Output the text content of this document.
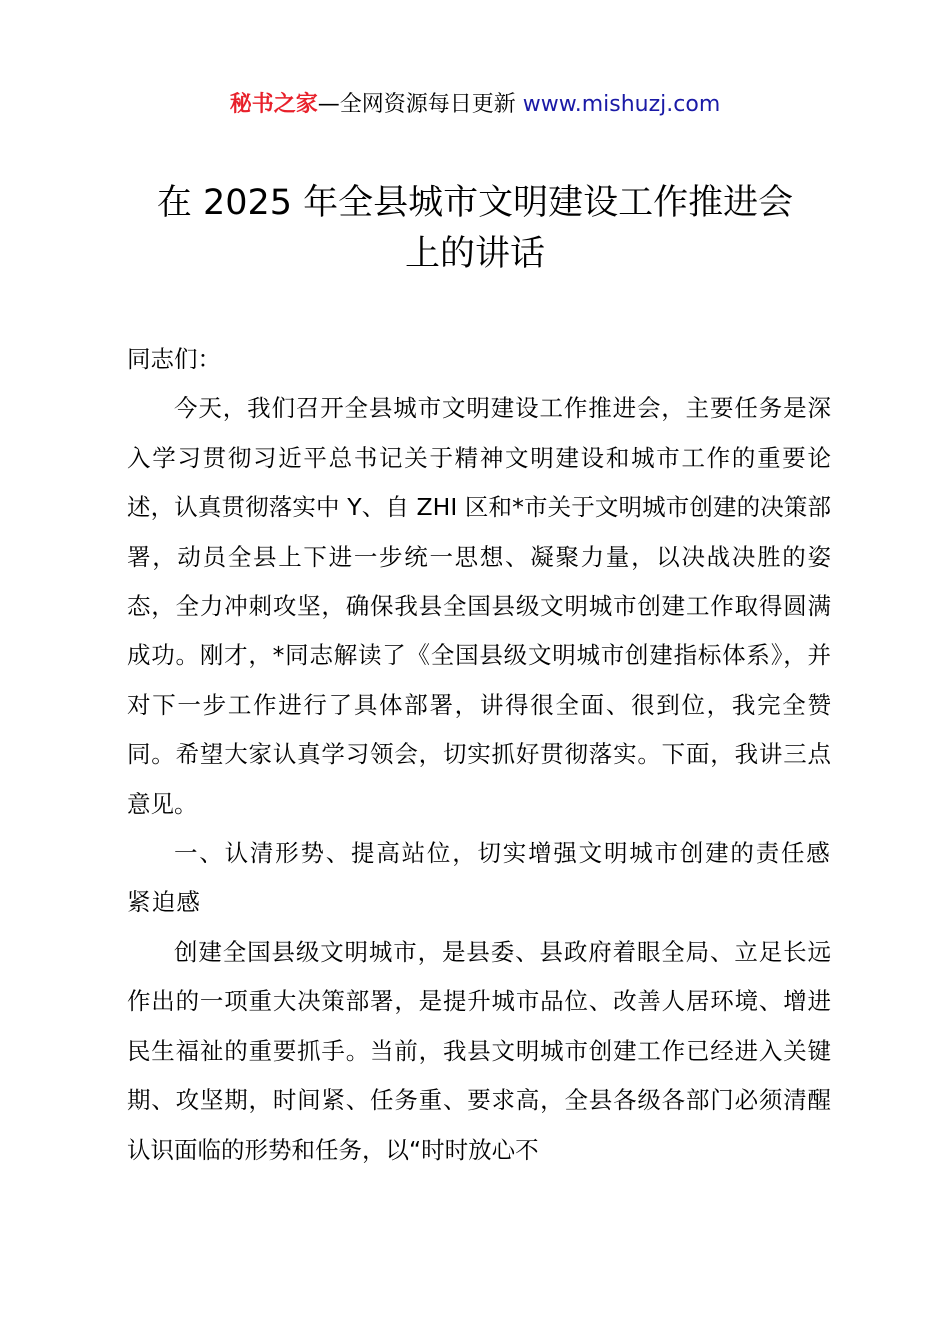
秘书之家—全网资源每日更新 www.mishuzj.com
在 2025 年全县城市文明建设工作推进会
上的讲话

同志们：

今天，我们召开全县城市文明建设工作推进会，主要任务是深入学习贯彻习近平总书记关于精神文明建设和城市工作的重要论述，认真贯彻落实中 Y、自 ZHI 区和*市关于文明城市创建的决策部署，动员全县上下进一步统一思想、凝聚力量，以决战决胜的姿态，全力冲刺攻坚，确保我县全国县级文明城市创建工作取得圆满成功。刚才，*同志解读了《全国县级文明城市创建指标体系》，并对下一步工作进行了具体部署，讲得很全面、很到位，我完全赞同。希望大家认真学习领会，切实抓好贯彻落实。下面，我讲三点意见。

一、认清形势、提高站位，切实增强文明城市创建的责任感紧迫感

创建全国县级文明城市，是县委、县政府着眼全局、立足长远作出的一项重大决策部署，是提升城市品位、改善人居环境、增进民生福祉的重要抓手。当前，我县文明城市创建工作已经进入关键期、攻坚期，时间紧、任务重、要求高，全县各级各部门必须清醒认识面临的形势和任务，以“时时放心不
